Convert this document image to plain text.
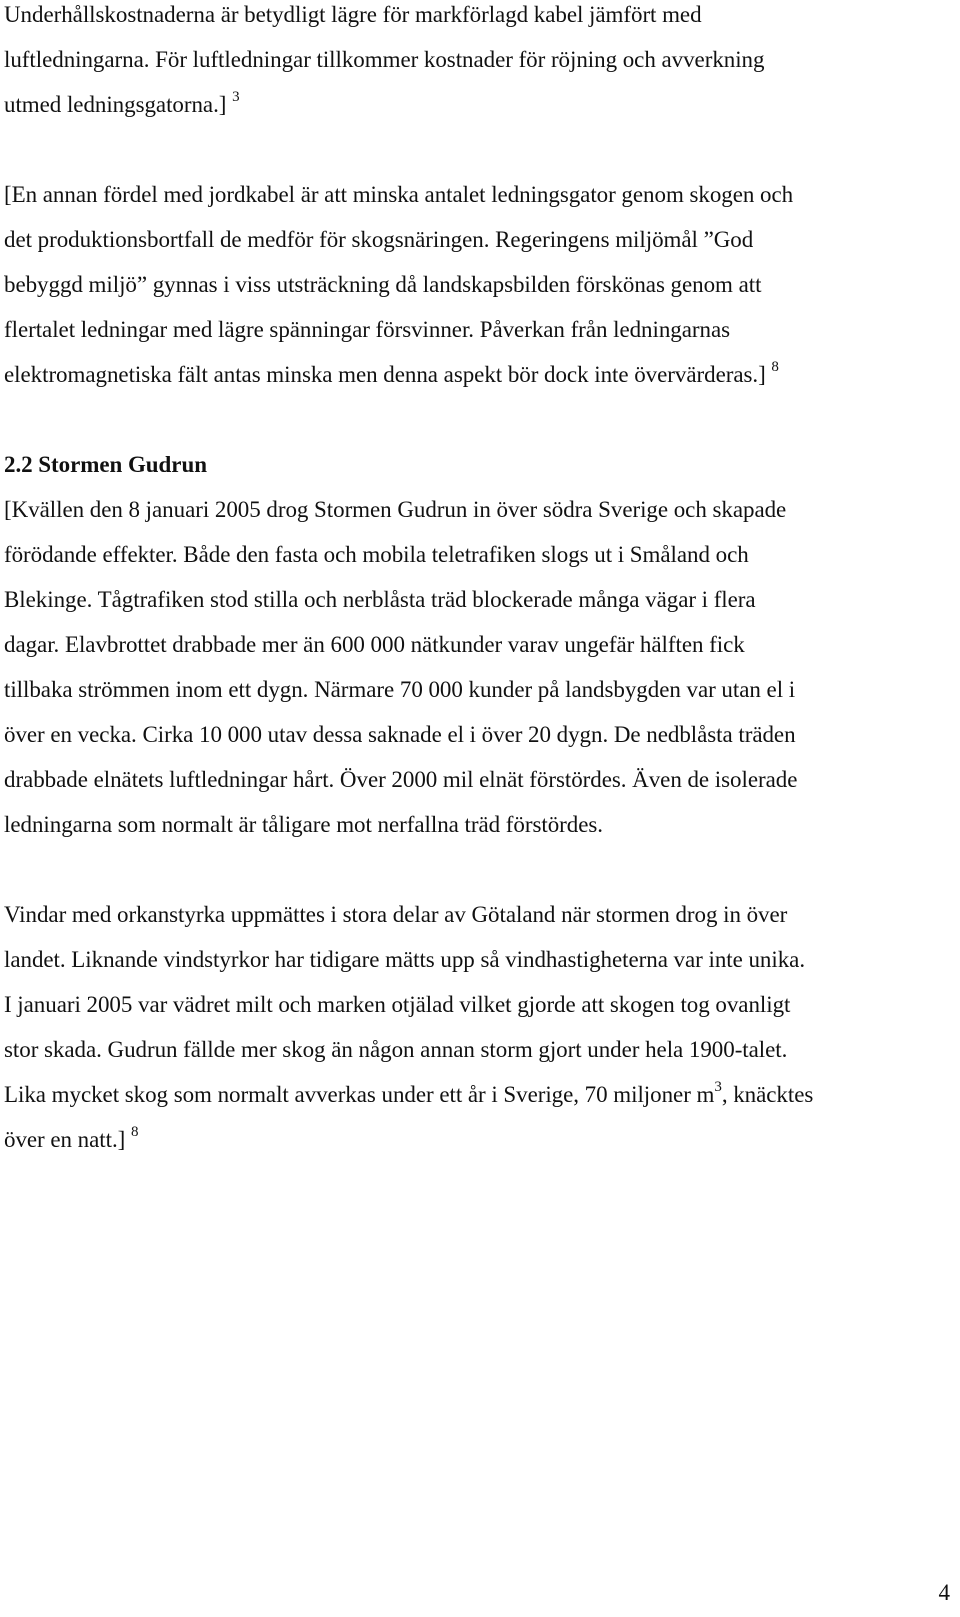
Underhållskostnaderna är betydligt lägre för markförlagd kabel jämfört med
luftledningarna. För luftledningar tillkommer kostnader för röjning och avverkning
utmed ledningsgatorna.] $^3$
[En annan fördel med jordkabel är att minska antalet ledningsgator genom skogen och
det produktionsbortfall de medför för skogsnäringen. Regeringens miljömål ”God
bebyggd miljö” gynnas i viss utsträckning då landskapsbilden förskönas genom att
flertalet ledningar med lägre spänningar försvinner. Påverkan från ledningarnas
elektromagnetiska fält antas minska men denna aspekt bör dock inte övervärderas.] $^8$
2.2 Stormen Gudrun
[Kvällen den 8 januari 2005 drog Stormen Gudrun in över södra Sverige och skapade
förödande effekter. Både den fasta och mobila teletrafiken slogs ut i Småland och
Blekinge. Tågtrafiken stod stilla och nerblåsta träd blockerade många vägar i flera
dagar. Elavbrottet drabbade mer än 600 000 nätkunder varav ungefär hälften fick
tillbaka strömmen inom ett dygn. Närmare 70 000 kunder på landsbygden var utan el i
över en vecka. Cirka 10 000 utav dessa saknade el i över 20 dygn. De nedblåsta träden
drabbade elnätets luftledningar hårt. Över 2000 mil elnät förstördes. Även de isolerade
ledningarna som normalt är tåligare mot nerfallna träd förstördes.
Vindar med orkanstyrka uppmättes i stora delar av Götaland när stormen drog in över
landet. Liknande vindstyrkor har tidigare mätts upp så vindhastigheterna var inte unika.
I januari 2005 var vädret milt och marken otjälad vilket gjorde att skogen tog ovanligt
stor skada. Gudrun fällde mer skog än någon annan storm gjort under hela 1900-talet.
Lika mycket skog som normalt avverkas under ett år i Sverige, 70 miljoner $m^3$, knäcktes
över en natt.] $^8$
4
